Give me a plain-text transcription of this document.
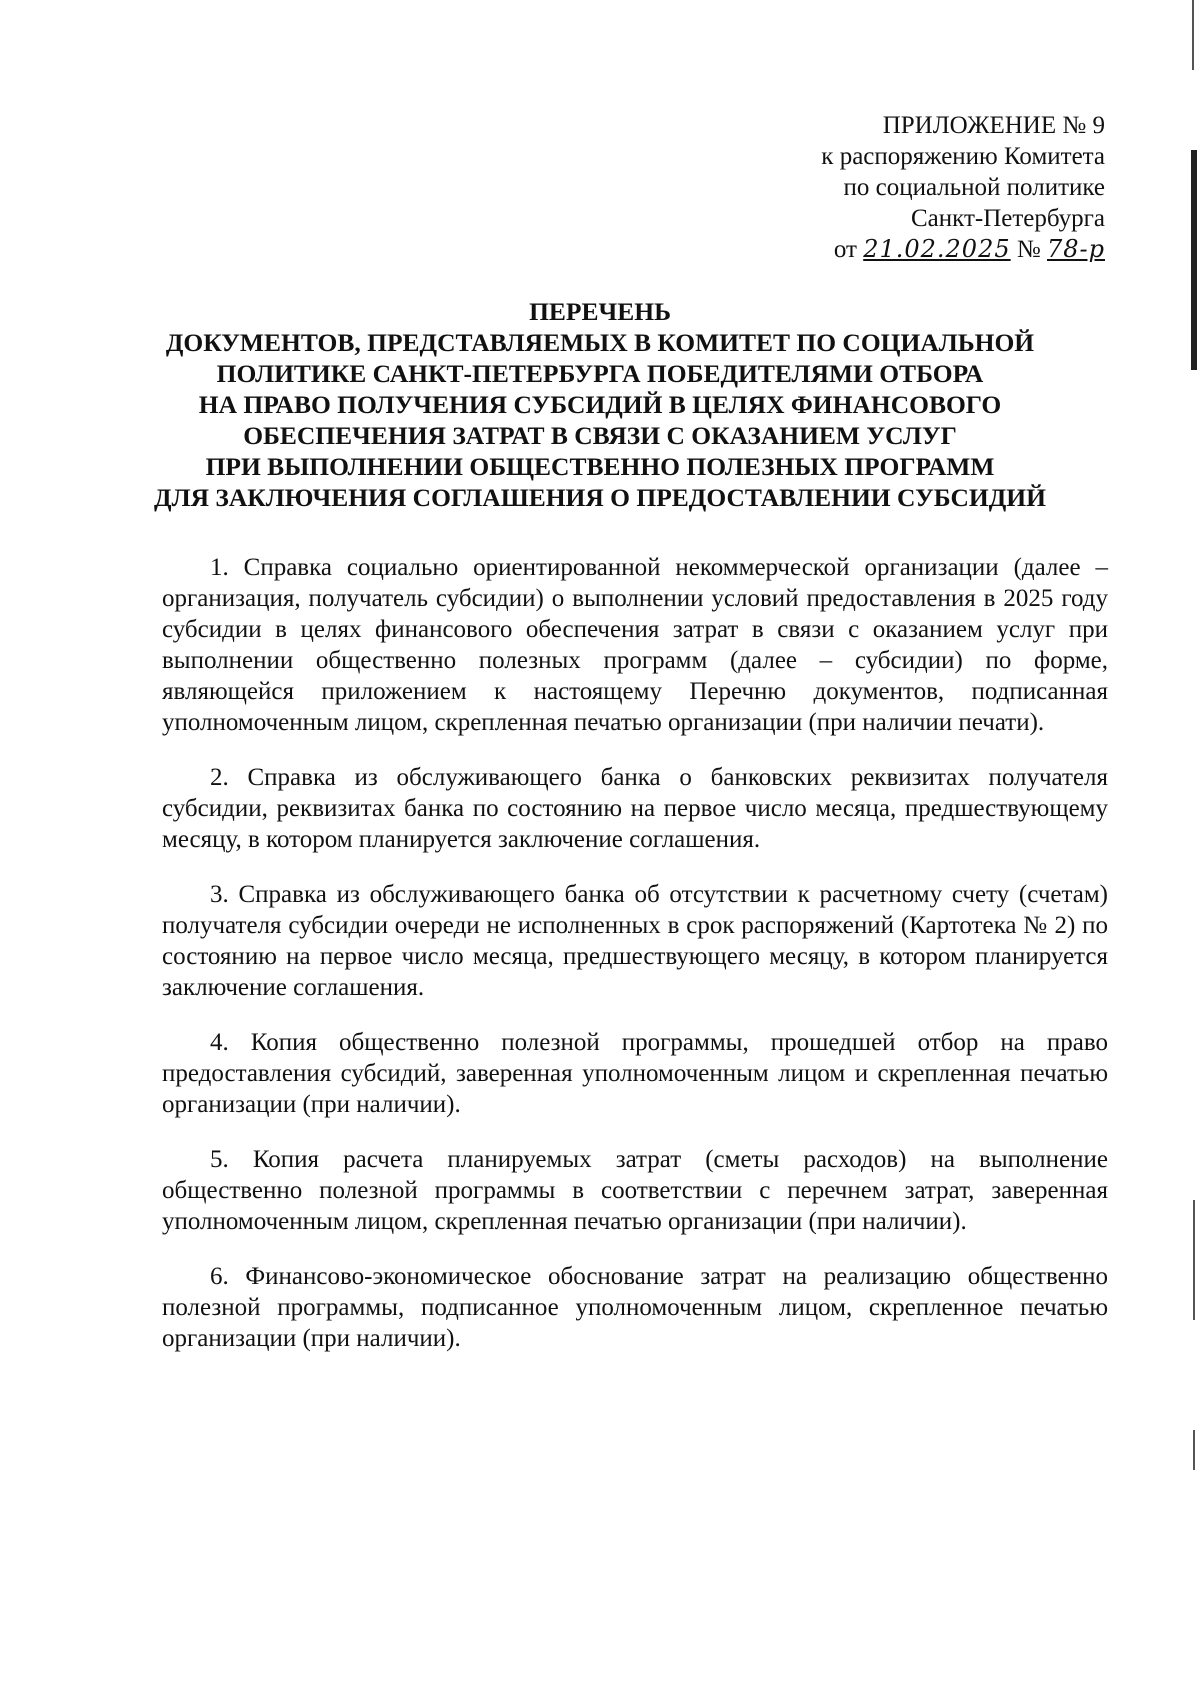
ПРИЛОЖЕНИЕ № 9
к распоряжению Комитета
по социальной политике
Санкт-Петербурга
от 21.02.2025 № 78-р
ПЕРЕЧЕНЬ
ДОКУМЕНТОВ, ПРЕДСТАВЛЯЕМЫХ В КОМИТЕТ ПО СОЦИАЛЬНОЙ
ПОЛИТИКЕ САНКТ-ПЕТЕРБУРГА ПОБЕДИТЕЛЯМИ ОТБОРА
НА ПРАВО ПОЛУЧЕНИЯ СУБСИДИЙ В ЦЕЛЯХ ФИНАНСОВОГО
ОБЕСПЕЧЕНИЯ ЗАТРАТ В СВЯЗИ С ОКАЗАНИЕМ УСЛУГ
ПРИ ВЫПОЛНЕНИИ ОБЩЕСТВЕННО ПОЛЕЗНЫХ ПРОГРАММ
ДЛЯ ЗАКЛЮЧЕНИЯ СОГЛАШЕНИЯ О ПРЕДОСТАВЛЕНИИ СУБСИДИЙ

1. Справка социально ориентированной некоммерческой организации (далее – организация, получатель субсидии) о выполнении условий предоставления в 2025 году субсидии в целях финансового обеспечения затрат в связи с оказанием услуг при выполнении общественно полезных программ (далее – субсидии) по форме, являющейся приложением к настоящему Перечню документов, подписанная уполномоченным лицом, скрепленная печатью организации (при наличии печати).

2. Справка из обслуживающего банка о банковских реквизитах получателя субсидии, реквизитах банка по состоянию на первое число месяца, предшествующему месяцу, в котором планируется заключение соглашения.

3. Справка из обслуживающего банка об отсутствии к расчетному счету (счетам) получателя субсидии очереди не исполненных в срок распоряжений (Картотека № 2) по состоянию на первое число месяца, предшествующего месяцу, в котором планируется заключение соглашения.

4. Копия общественно полезной программы, прошедшей отбор на право предоставления субсидий, заверенная уполномоченным лицом и скрепленная печатью организации (при наличии).

5. Копия расчета планируемых затрат (сметы расходов) на выполнение общественно полезной программы в соответствии с перечнем затрат, заверенная уполномоченным лицом, скрепленная печатью организации (при наличии).

6. Финансово-экономическое обоснование затрат на реализацию общественно полезной программы, подписанное уполномоченным лицом, скрепленное печатью организации (при наличии).
